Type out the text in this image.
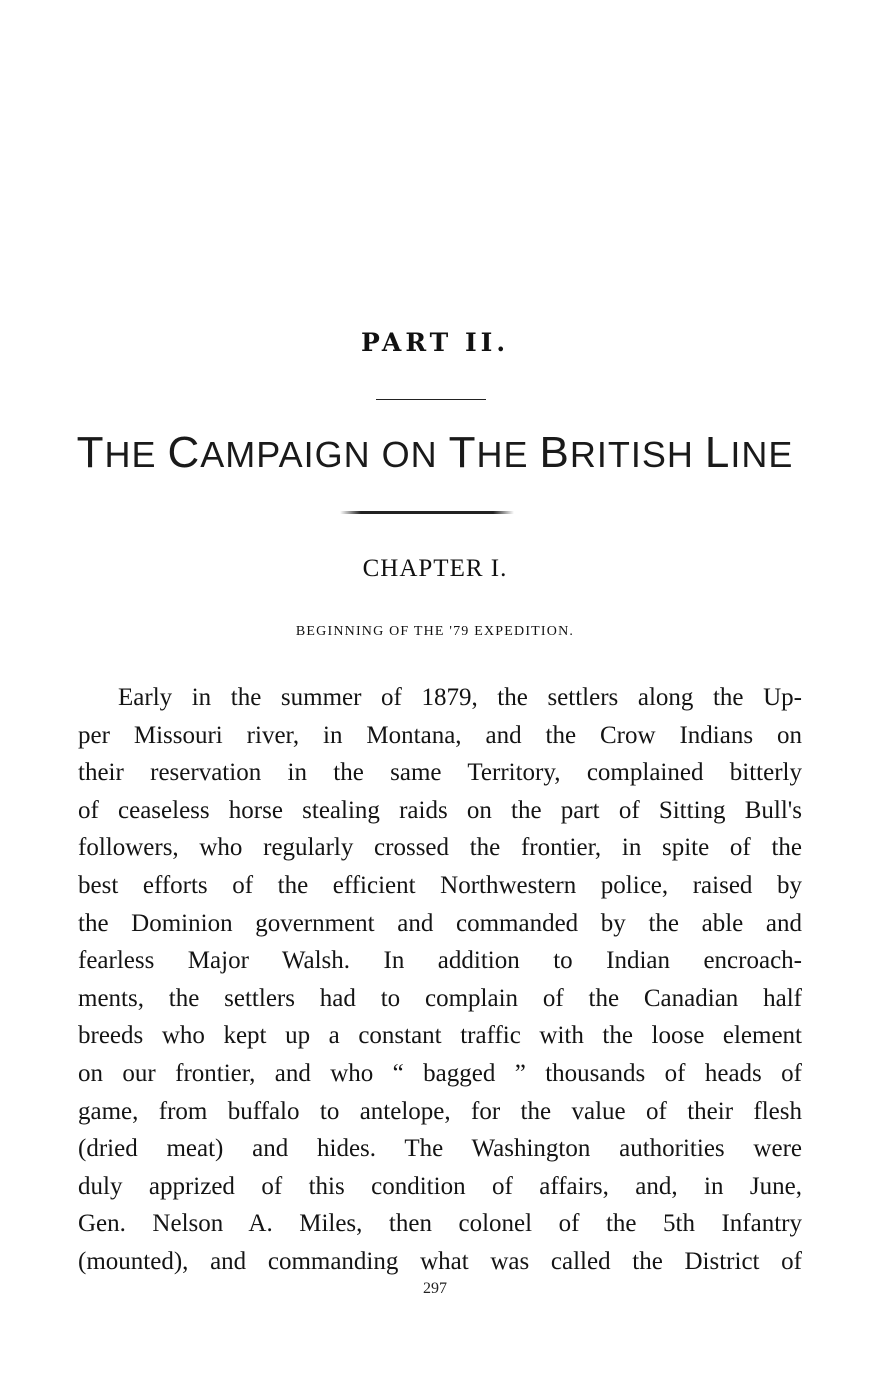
PART II.
THE CAMPAIGN ON THE BRITISH LINE
CHAPTER I.
BEGINNING OF THE '79 EXPEDITION.
Early in the summer of 1879, the settlers along the Up-
per Missouri river, in Montana, and the Crow Indians on
their reservation in the same Territory, complained bitterly
of ceaseless horse stealing raids on the part of Sitting Bull's
followers, who regularly crossed the frontier, in spite of the
best efforts of the efficient Northwestern police, raised by
the Dominion government and commanded by the able and
fearless Major Walsh. In addition to Indian encroach-
ments, the settlers had to complain of the Canadian half
breeds who kept up a constant traffic with the loose element
on our frontier, and who “ bagged ” thousands of heads of
game, from buffalo to antelope, for the value of their flesh
(dried meat) and hides. The Washington authorities were
duly apprized of this condition of affairs, and, in June,
Gen. Nelson A. Miles, then colonel of the 5th Infantry
(mounted), and commanding what was called the District of
297
